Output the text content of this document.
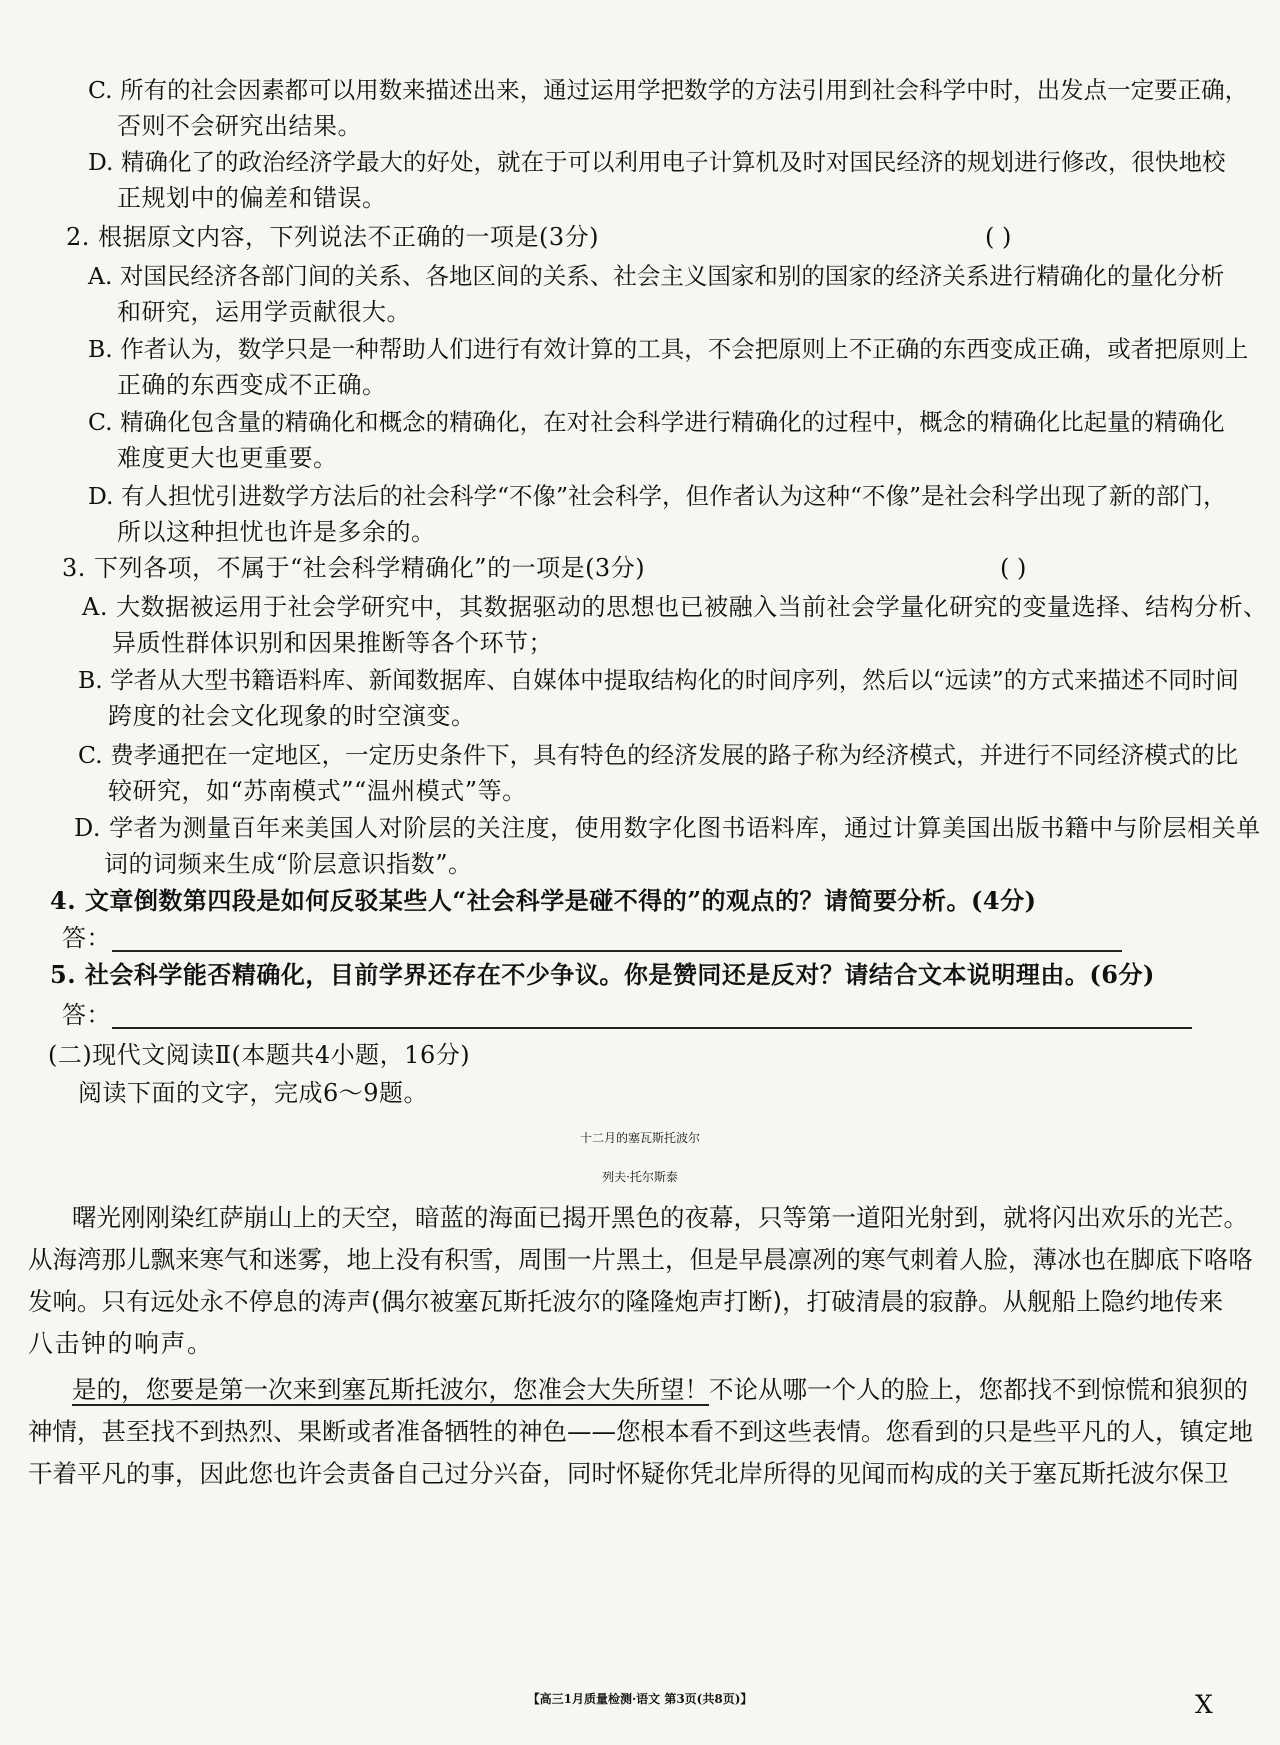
C. 所有的社会因素都可以用数来描述出来，通过运用学把数学的方法引用到社会科学中时，出发点一定要正确，
否则不会研究出结果。
D. 精确化了的政治经济学最大的好处，就在于可以利用电子计算机及时对国民经济的规划进行修改，很快地校
正规划中的偏差和错误。
2. 根据原文内容，下列说法不正确的一项是(3分)	( )
A. 对国民经济各部门间的关系、各地区间的关系、社会主义国家和别的国家的经济关系进行精确化的量化分析
和研究，运用学贡献很大。
B. 作者认为，数学只是一种帮助人们进行有效计算的工具，不会把原则上不正确的东西变成正确，或者把原则上
正确的东西变成不正确。
C. 精确化包含量的精确化和概念的精确化，在对社会科学进行精确化的过程中，概念的精确化比起量的精确化
难度更大也更重要。
D. 有人担忧引进数学方法后的社会科学“不像”社会科学，但作者认为这种“不像”是社会科学出现了新的部门，
所以这种担忧也许是多余的。
3. 下列各项，不属于“社会科学精确化”的一项是(3分)	( )
A. 大数据被运用于社会学研究中，其数据驱动的思想也已被融入当前社会学量化研究的变量选择、结构分析、
异质性群体识别和因果推断等各个环节；
B. 学者从大型书籍语料库、新闻数据库、自媒体中提取结构化的时间序列，然后以“远读”的方式来描述不同时间
跨度的社会文化现象的时空演变。
C. 费孝通把在一定地区，一定历史条件下，具有特色的经济发展的路子称为经济模式，并进行不同经济模式的比
较研究，如“苏南模式”“温州模式”等。
D. 学者为测量百年来美国人对阶层的关注度，使用数字化图书语料库，通过计算美国出版书籍中与阶层相关单
词的词频来生成“阶层意识指数”。
4. 文章倒数第四段是如何反驳某些人“社会科学是碰不得的”的观点的？请简要分析。(4分)
答：
5. 社会科学能否精确化，目前学界还存在不少争议。你是赞同还是反对？请结合文本说明理由。(6分)
答：
(二)现代文阅读Ⅱ(本题共4小题，16分)
阅读下面的文字，完成6～9题。
十二月的塞瓦斯托波尔
列夫·托尔斯泰
曙光刚刚染红萨崩山上的天空，暗蓝的海面已揭开黑色的夜幕，只等第一道阳光射到，就将闪出欢乐的光芒。
从海湾那儿飘来寒气和迷雾，地上没有积雪，周围一片黑土，但是早晨凛冽的寒气刺着人脸，薄冰也在脚底下咯咯
发响。只有远处永不停息的涛声(偶尔被塞瓦斯托波尔的隆隆炮声打断)，打破清晨的寂静。从舰船上隐约地传来
八击钟的响声。
是的，您要是第一次来到塞瓦斯托波尔，您准会大失所望！不论从哪一个人的脸上，您都找不到惊慌和狼狈的
神情，甚至找不到热烈、果断或者准备牺牲的神色——您根本看不到这些表情。您看到的只是些平凡的人，镇定地
干着平凡的事，因此您也许会责备自己过分兴奋，同时怀疑你凭北岸所得的见闻而构成的关于塞瓦斯托波尔保卫
【高三1月质量检测·语文 第3页(共8页)】	X
